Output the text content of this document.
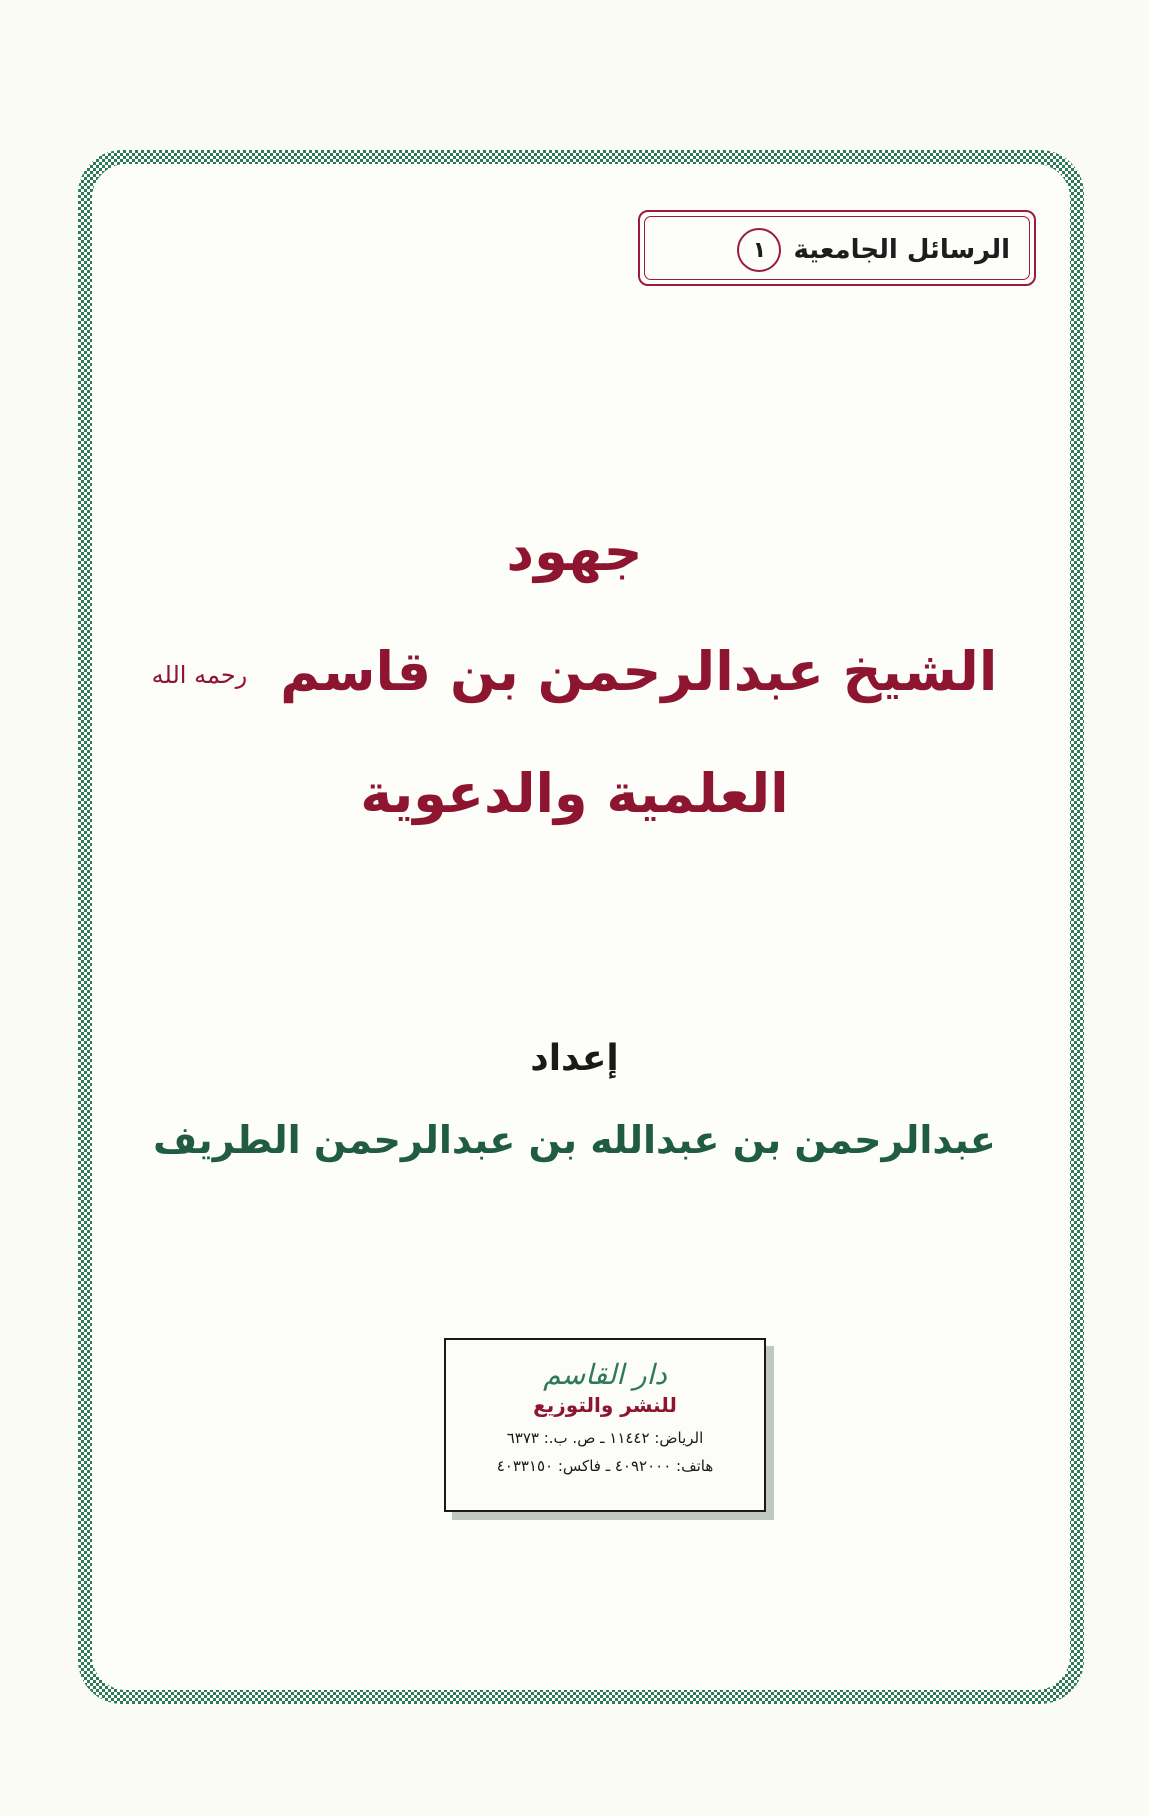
الرسائل الجامعية
١
جهود
الشيخ عبدالرحمن بن قاسم رحمه الله
العلمية والدعوية
إعداد
عبدالرحمن بن عبدالله بن عبدالرحمن الطريف
دار القاسم
للنشر والتوزيع
الرياض: ١١٤٤٢ ـ ص. ب.: ٦٣٧٣
هاتف: ٤٠٩٢٠٠٠ ـ فاكس: ٤٠٣٣١٥٠
